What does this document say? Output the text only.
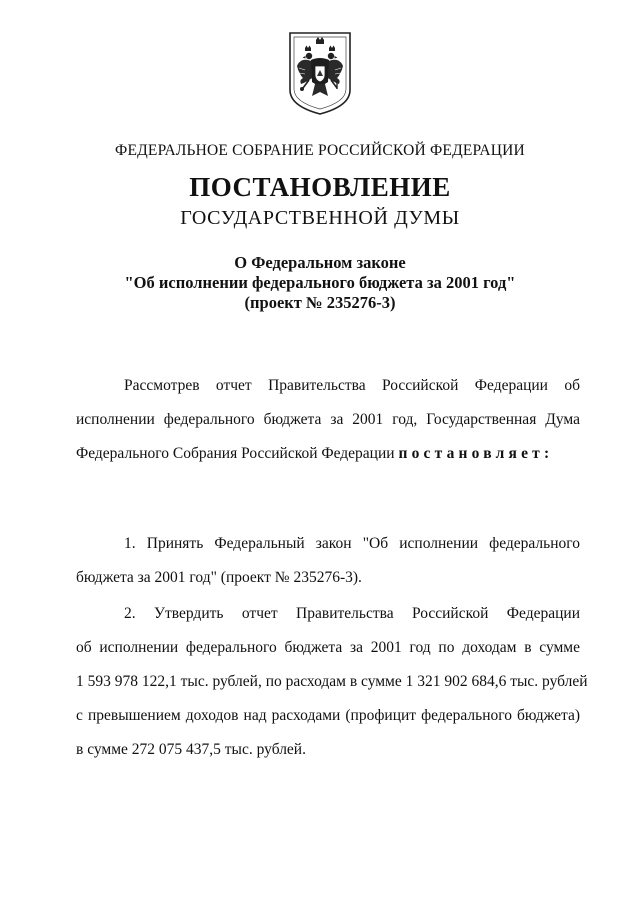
ФЕДЕРАЛЬНОЕ СОБРАНИЕ РОССИЙСКОЙ ФЕДЕРАЦИИ
ПОСТАНОВЛЕНИЕ
ГОСУДАРСТВЕННОЙ ДУМЫ
О Федеральном законе
"Об исполнении федерального бюджета за 2001 год"
(проект № 235276-3)
Рассмотрев отчет Правительства Российской Федерации об
исполнении федерального бюджета за 2001 год, Государственная Дума
Федерального Собрания Российской Федерации постановляет:
1. Принять Федеральный закон "Об исполнении федерального
бюджета за 2001 год" (проект № 235276-3).
2. Утвердить отчет Правительства Российской Федерации
об исполнении федерального бюджета за 2001 год по доходам в сумме
1 593 978 122,1 тыс. рублей, по расходам в сумме 1 321 902 684,6 тыс. рублей
с превышением доходов над расходами (профицит федерального бюджета)
в сумме 272 075 437,5 тыс. рублей.
